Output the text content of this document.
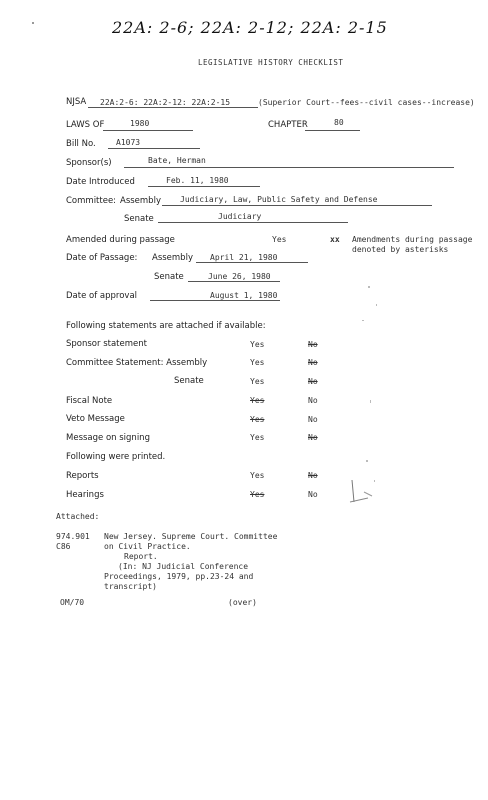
22A: 2-6; 22A: 2-12; 22A: 2-15
LEGISLATIVE HISTORY CHECKLIST
NJSA 22A:2-6: 22A:2-12: 22A:2-15	(Superior Court--fees--civil cases--increase)
LAWS OF	1980	CHAPTER	80
Bill No.	A1073
Sponsor(s)	Bate, Herman
Date Introduced	Feb. 11, 1980
Committee: Assembly Judiciary, Law, Public Safety and Defense
Senate	Judiciary
Amended during passage	Yes	xx Amendments during passage denoted by asterisks
Date of Passage: Assembly April 21, 1980
Senate	June 26, 1980
Date of approval	August 1, 1980
Following statements are attached if available:
Sponsor statement	Yes	No
Committee Statement: Assembly	Yes	No
Senate	Yes	No
Fiscal Note	Yes	No
Veto Message	Yes	No
Message on signing	Yes	No
Following were printed.
Reports	Yes	No
Hearings	Yes	No
Attached:
974.901
C86
New Jersey. Supreme Court. Committee
on Civil Practice.
Report.
(In: NJ Judicial Conference
Proceedings, 1979, pp.23-24 and
transcript)
OM/70	(over)
